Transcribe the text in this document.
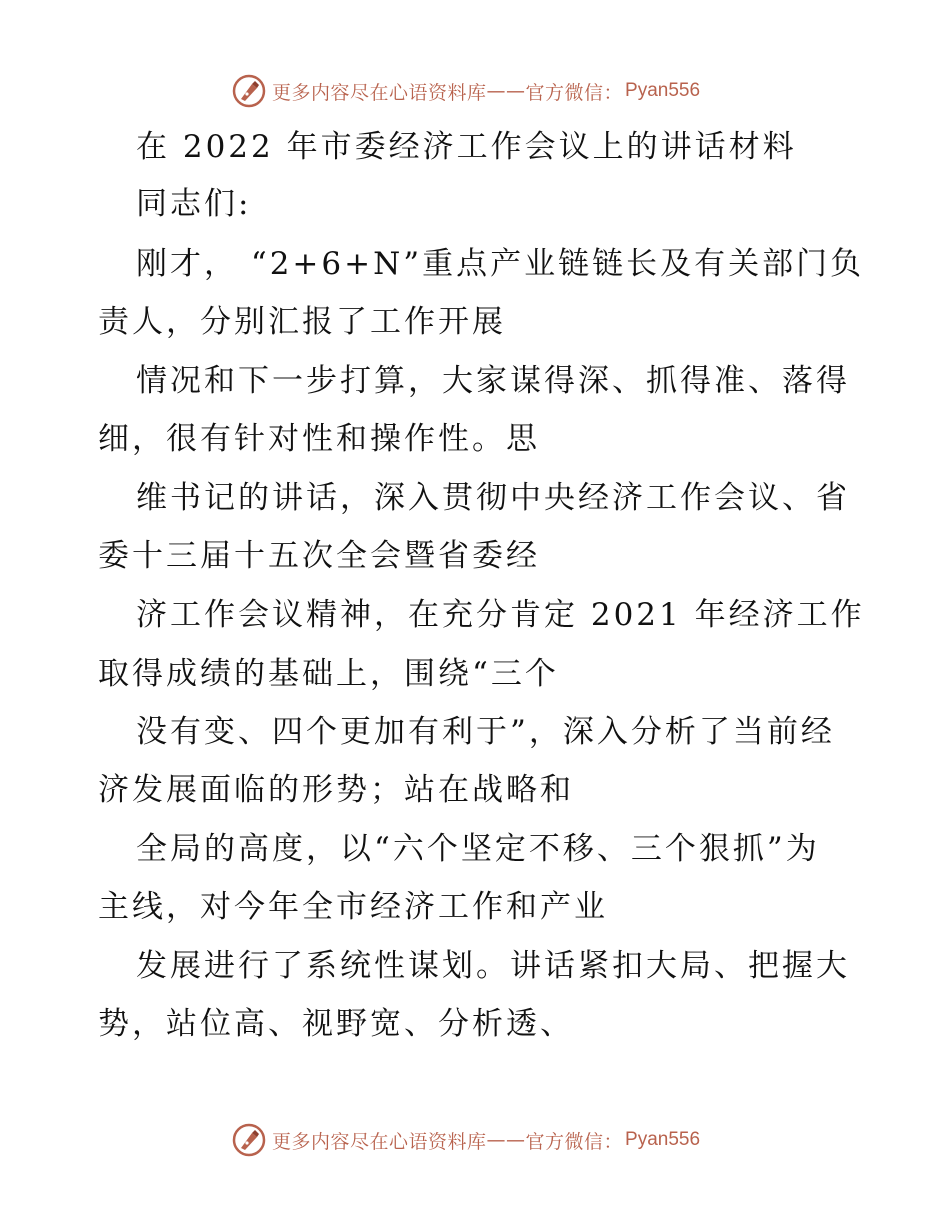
更多内容尽在心语资料库 —— 官方微信： Pyan556
在 2022 年市委经济工作会议上的讲话材料
同志们:
刚才， “2+6+N”重点产业链链长及有关部门负
责人，分别汇报了工作开展
情况和下一步打算，大家谋得深、抓得准、落得
细，很有针对性和操作性。思
维书记的讲话，深入贯彻中央经济工作会议、省
委十三届十五次全会暨省委经
济工作会议精神，在充分肯定 2021 年经济工作
取得成绩的基础上，围绕“三个
没有变、四个更加有利于”，深入分析了当前经
济发展面临的形势；站在战略和
全局的高度，以“六个坚定不移、三个狠抓”为
主线，对今年全市经济工作和产业
发展进行了系统性谋划。讲话紧扣大局、把握大
势，站位高、视野宽、分析透、
更多内容尽在心语资料库 —— 官方微信： Pyan556
